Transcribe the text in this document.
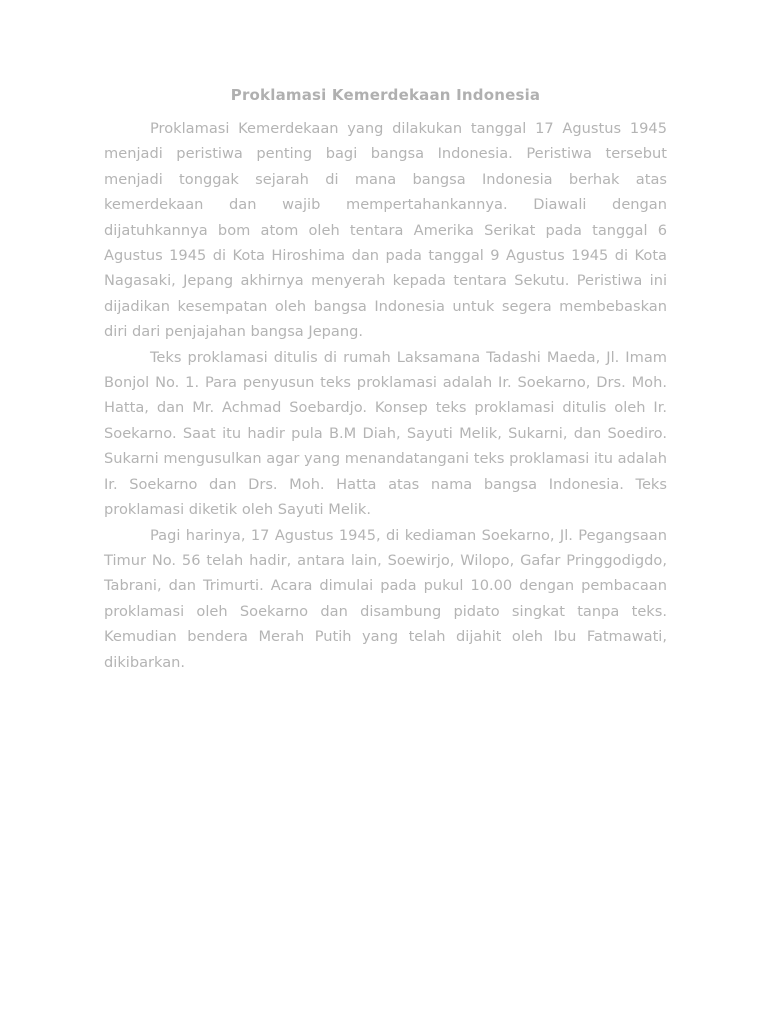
Proklamasi Kemerdekaan Indonesia

Proklamasi Kemerdekaan yang dilakukan tanggal 17 Agustus 1945 menjadi peristiwa penting bagi bangsa Indonesia. Peristiwa tersebut menjadi tonggak sejarah di mana bangsa Indonesia berhak atas kemerdekaan dan wajib mempertahankannya. Diawali dengan dijatuhkannya bom atom oleh tentara Amerika Serikat pada tanggal 6 Agustus 1945 di Kota Hiroshima dan pada tanggal 9 Agustus 1945 di Kota Nagasaki, Jepang akhirnya menyerah kepada tentara Sekutu. Peristiwa ini dijadikan kesempatan oleh bangsa Indonesia untuk segera membebaskan diri dari penjajahan bangsa Jepang.

Teks proklamasi ditulis di rumah Laksamana Tadashi Maeda, Jl. Imam Bonjol No. 1. Para penyusun teks proklamasi adalah Ir. Soekarno, Drs. Moh. Hatta, dan Mr. Achmad Soebardjo. Konsep teks proklamasi ditulis oleh Ir. Soekarno. Saat itu hadir pula B.M Diah, Sayuti Melik, Sukarni, dan Soediro. Sukarni mengusulkan agar yang menandatangani teks proklamasi itu adalah Ir. Soekarno dan Drs. Moh. Hatta atas nama bangsa Indonesia. Teks proklamasi diketik oleh Sayuti Melik.

Pagi harinya, 17 Agustus 1945, di kediaman Soekarno, Jl. Pegangsaan Timur No. 56 telah hadir, antara lain, Soewirjo, Wilopo, Gafar Pringgodigdo, Tabrani, dan Trimurti. Acara dimulai pada pukul 10.00 dengan pembacaan proklamasi oleh Soekarno dan disambung pidato singkat tanpa teks. Kemudian bendera Merah Putih yang telah dijahit oleh Ibu Fatmawati, dikibarkan.
